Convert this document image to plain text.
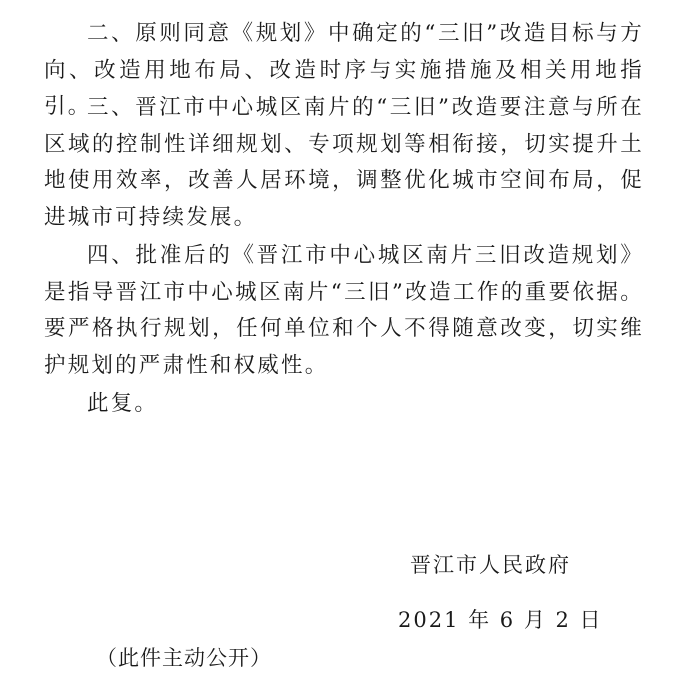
二、原则同意《规划》中确定的“三旧”改造目标与方向、改造用地布局、改造时序与实施措施及相关用地指引。

三、晋江市中心城区南片的“三旧”改造要注意与所在区域的控制性详细规划、专项规划等相衔接，切实提升土地使用效率，改善人居环境，调整优化城市空间布局，促进城市可持续发展。

四、批准后的《晋江市中心城区南片三旧改造规划》是指导晋江市中心城区南片“三旧”改造工作的重要依据。要严格执行规划，任何单位和个人不得随意改变，切实维护规划的严肃性和权威性。

此复。

晋江市人民政府

2021 年 6 月 2 日

（此件主动公开）
